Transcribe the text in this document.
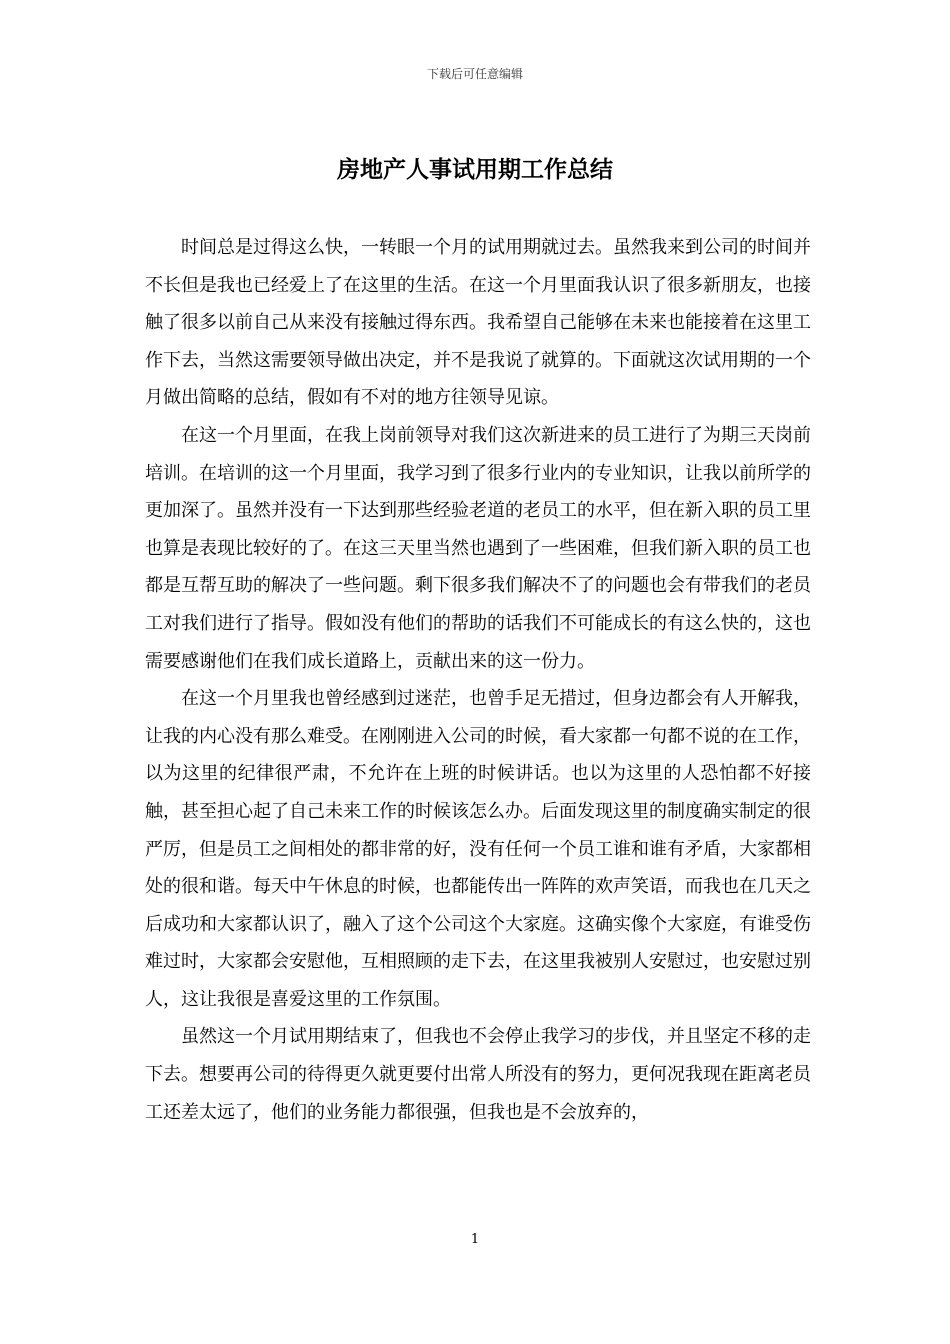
下载后可任意编辑
房地产人事试用期工作总结

时间总是过得这么快，一转眼一个月的试用期就过去。虽然我来到公司的时间并不长但是我也已经爱上了在这里的生活。在这一个月里面我认识了很多新朋友，也接触了很多以前自己从来没有接触过得东西。我希望自己能够在未来也能接着在这里工作下去，当然这需要领导做出决定，并不是我说了就算的。下面就这次试用期的一个月做出简略的总结，假如有不对的地方往领导见谅。

在这一个月里面，在我上岗前领导对我们这次新进来的员工进行了为期三天岗前培训。在培训的这一个月里面，我学习到了很多行业内的专业知识，让我以前所学的更加深了。虽然并没有一下达到那些经验老道的老员工的水平，但在新入职的员工里也算是表现比较好的了。在这三天里当然也遇到了一些困难，但我们新入职的员工也都是互帮互助的解决了一些问题。剩下很多我们解决不了的问题也会有带我们的老员工对我们进行了指导。假如没有他们的帮助的话我们不可能成长的有这么快的，这也需要感谢他们在我们成长道路上，贡献出来的这一份力。

在这一个月里我也曾经感到过迷茫，也曾手足无措过，但身边都会有人开解我，让我的内心没有那么难受。在刚刚进入公司的时候，看大家都一句都不说的在工作，以为这里的纪律很严肃，不允许在上班的时候讲话。也以为这里的人恐怕都不好接触，甚至担心起了自己未来工作的时候该怎么办。后面发现这里的制度确实制定的很严厉，但是员工之间相处的都非常的好，没有任何一个员工谁和谁有矛盾，大家都相处的很和谐。每天中午休息的时候，也都能传出一阵阵的欢声笑语，而我也在几天之后成功和大家都认识了，融入了这个公司这个大家庭。这确实像个大家庭，有谁受伤难过时，大家都会安慰他，互相照顾的走下去，在这里我被别人安慰过，也安慰过别人，这让我很是喜爱这里的工作氛围。

虽然这一个月试用期结束了，但我也不会停止我学习的步伐，并且坚定不移的走下去。想要再公司的待得更久就更要付出常人所没有的努力，更何况我现在距离老员工还差太远了，他们的业务能力都很强，但我也是不会放弃的，

1
